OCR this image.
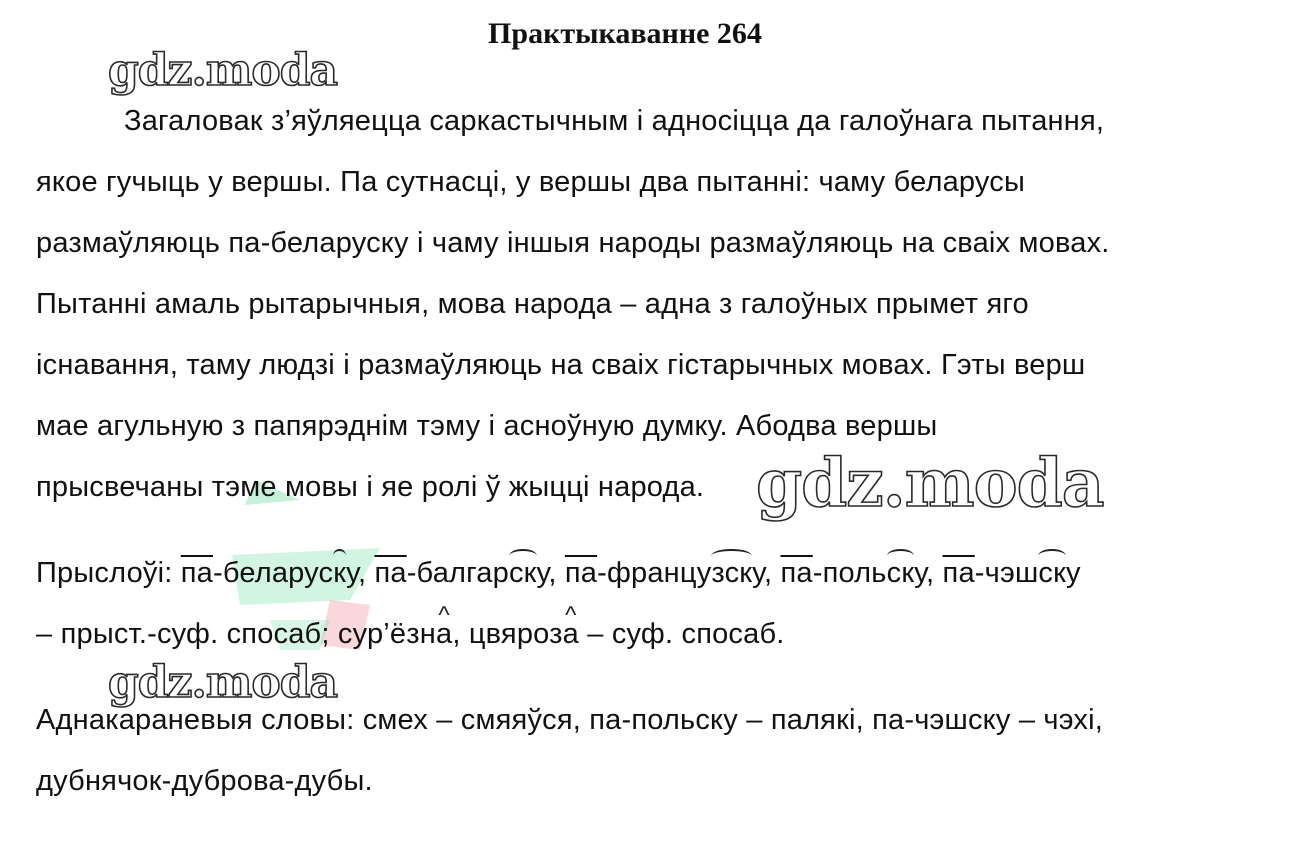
Практыкаванне 264
Загаловак з’яўляецца саркастычным і адносіцца да галоўнага пытання,
якое гучыць у вершы. Па сутнасці, у вершы два пытанні: чаму беларусы
размаўляюць па-беларуску і чаму іншыя народы размаўляюць на сваіх мовах.
Пытанні амаль рытарычныя, мова народа – адна з галоўных прымет яго
існавання, таму людзі і размаўляюць на сваіх гістарычных мовах. Гэты верш
мае агульную з папярэднім тэму і асноўную думку. Абодва вершы
прысвечаны тэме мовы і яе ролі ў жыцці народа.
Прыслоўі: па-беларуску, па-балгарску, па-французску, па-польску, па-чэшску
– прыст.-суф. спосаб; сур’ёзн^ а, цвяроз^ а – суф. спосаб.
Аднакараневыя словы: смех – смяяўся, па-польску – палякі, па-чэшску – чэхі,
дубнячок-дуброва-дубы.
gdz.moda
gdz.moda
gdz.moda
